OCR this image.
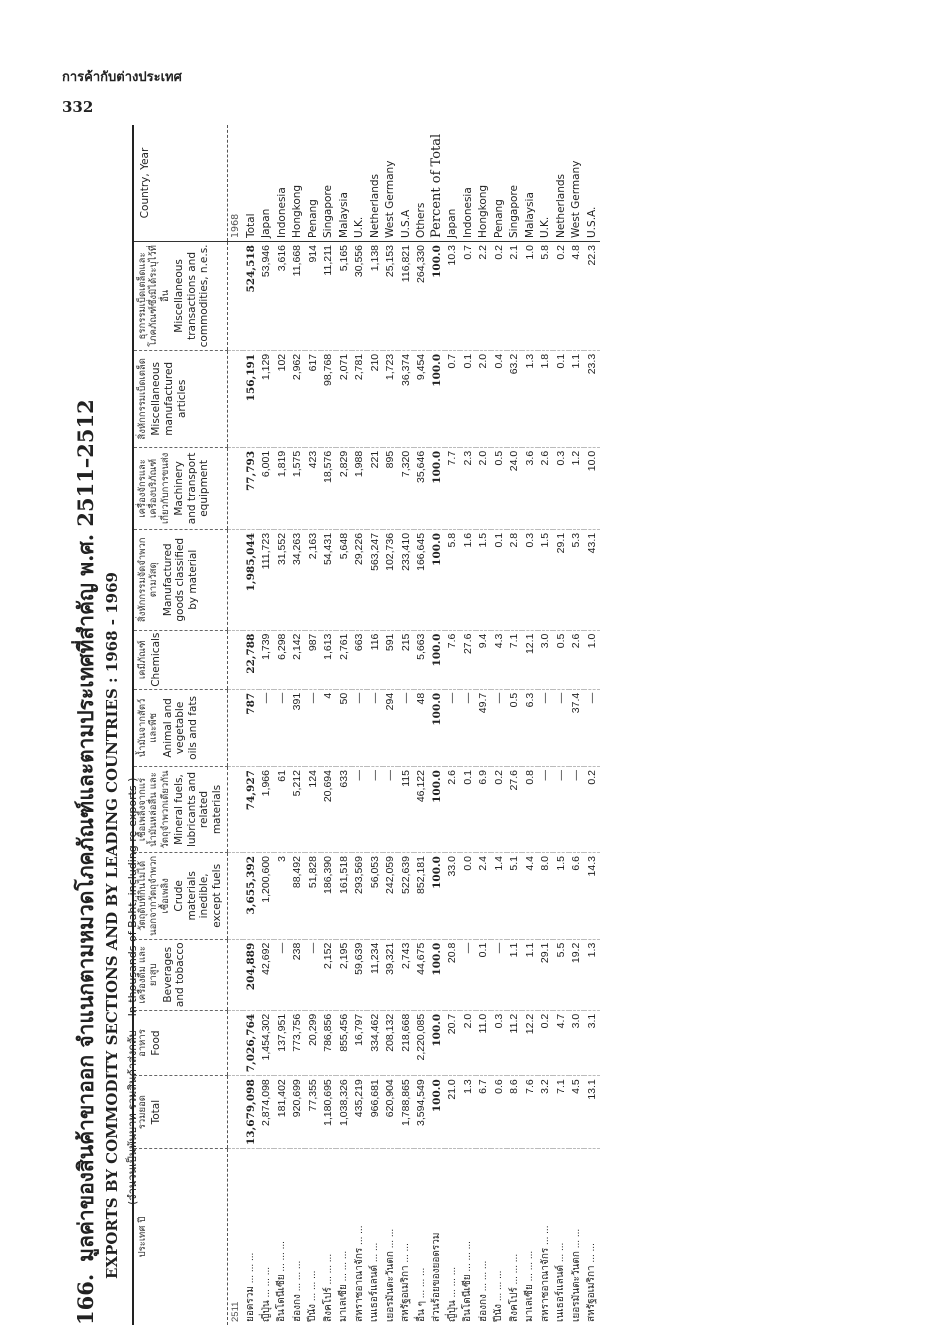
การค้ากับต่างประเทศ
332
166.มูลค่าของสินค้าขาออก จำแนกตามหมวดโภคภัณฑ์และตามประเทศที่สำคัญ พ.ศ. 2511–2512 EXPORTS BY COMMODITY SECTIONS AND BY LEADING COUNTRIES : 1968 - 1969 (จำนวนเป็นพันบาท รวมสินค้าส่งกลับIn thousands of Baht, including re-exports )
ประเทศ ปี	รวมยอด Total	อาหาร Food	เครื่องดื่ม และยาสูบ Beverages and tobacco	วัตถุดิบที่กินไม่ได้ นอกจากวัตถุจำพวกเชื้อเพลิง Crude materials inedible, except fuels	เชื้อเพลิงจากแร่ น้ำมันหล่อลื่น และวัตถุจำพวกเดียวกัน Mineral fuels, lubricants and related materials	น้ำมันจากสัตว์ และพืช Animal and vegetable oils and fats	เคมีภัณฑ์ Chemicals	สิ่งหักกรรมจัดจำพวกตามวัสดุ Manufactured goods classified by material	เครื่องจักรและเครื่องบริภัณฑ์เกี่ยวกับการขนส่ง Machinery and transport equipment	สิ่งหักกรรมเบ็ดเตล็ด Miscellaneous manufactured articles	ธุรกรรมเบ็ดเตล็ดและโภคภัณฑ์ซึ่งมิได้ระบุไว้ที่อื่น Miscellaneous transactions and commodities, n.e.s.	Country, Year
2511												1968
ยอดรวม ... ... ...	13,679,098	7,026,764	204,889	3,655,392	74,927	787	22,788	1,985,044	77,793	156,191	524,518	Total
ญี่ปุ่น ... ... ...	2,874,098	1,454,302	42,692	1,200,600	1,966	—	1,739	111,723	6,001	1,129	53,946	Japan
อินโดนีเซีย ... ... ...	181,402	137,951	—	3	61	—	6,298	31,552	1,819	102	3,616	Indonesia
ฮ่องกง ... ... ...	920,699	773,756	238	88,492	5,212	391	2,142	34,263	1,575	2,962	11,668	Hongkong
ปีนัง ... ... ...	77,355	20,299	—	51,828	124	—	987	2,163	423	617	914	Penang
สิงคโปร์ ... ... ...	1,180,695	786,856	2,152	186,390	20,694	4	1,613	54,431	18,576	98,768	11,211	Singapore
มาเลเซีย ... ... ...	1,038,326	855,456	2,195	161,518	633	50	2,761	5,648	2,829	2,071	5,165	Malaysia
สหราชอาณาจักร ... ...	435,219	16,797	59,639	293,569	—	—	663	29,226	1,988	2,781	30,556	U.K.
เนเธอร์แลนด์ ... ...	966,681	334,462	11,234	56,053	—	—	116	563,247	221	210	1,138	Netherlands
เยอรมันตะวันตก ... ...	620,904	208,132	39,321	242,059	—	294	591	102,736	895	1,723	25,153	West Germany
สหรัฐอเมริกา ... ...	1,788,865	218,668	2,743	522,639	115	—	215	233,410	7,320	36,374	116,821	U.S.A
อื่น ๆ ... ... ...	3,594,549	2,220,085	44,675	852,181	46,122	48	5,663	166,645	35,646	9,454	264,330	Others
ส่วนร้อยของยอดรวม	100.0	100.0	100.0	100.0	100.0	100.0	100.0	100.0	100.0	100.0	100.0	Percent of Total
ญี่ปุ่น ... ... ...	21.0	20.7	20.8	33.0	2.6	—	7.6	5.8	7.7	0.7	10.3	Japan
อินโดนีเซีย ... ... ...	1.3	2.0	—	0.0	0.1	—	27.6	1.6	2.3	0.1	0.7	Indonesia
ฮ่องกง ... ... ...	6.7	11.0	0.1	2.4	6.9	49.7	9.4	1.5	2.0	2.0	2.2	Hongkong
ปีนัง ... ... ...	0.6	0.3	—	1.4	0.2	—	4.3	0.1	0.5	0.4	0.2	Penang
สิงคโปร์ ... ... ...	8.6	11.2	1.1	5.1	27.6	0.5	7.1	2.8	24.0	63.2	2.1	Singapore
มาเลเซีย ... ... ...	7.6	12.2	1.1	4.4	0.8	6.3	12.1	0.3	3.6	1.3	1.0	Malaysia
สหราชอาณาจักร ... ...	3.2	0.2	29.1	8.0	—	—	3.0	1.5	2.6	1.8	5.8	U.K.
เนเธอร์แลนด์ ... ...	7.1	4.7	5.5	1.5	—	—	0.5	29.1	0.3	0.1	0.2	Netherlands
เยอรมันตะวันตก ... ...	4.5	3.0	19.2	6.6	—	37.4	2.6	5.3	1.2	1.1	4.8	West Germany
สหรัฐอเมริกา ... ...	13.1	3.1	1.3	14.3	0.2	—	1.0	43.1	10.0	23.3	22.3	U.S.A.
